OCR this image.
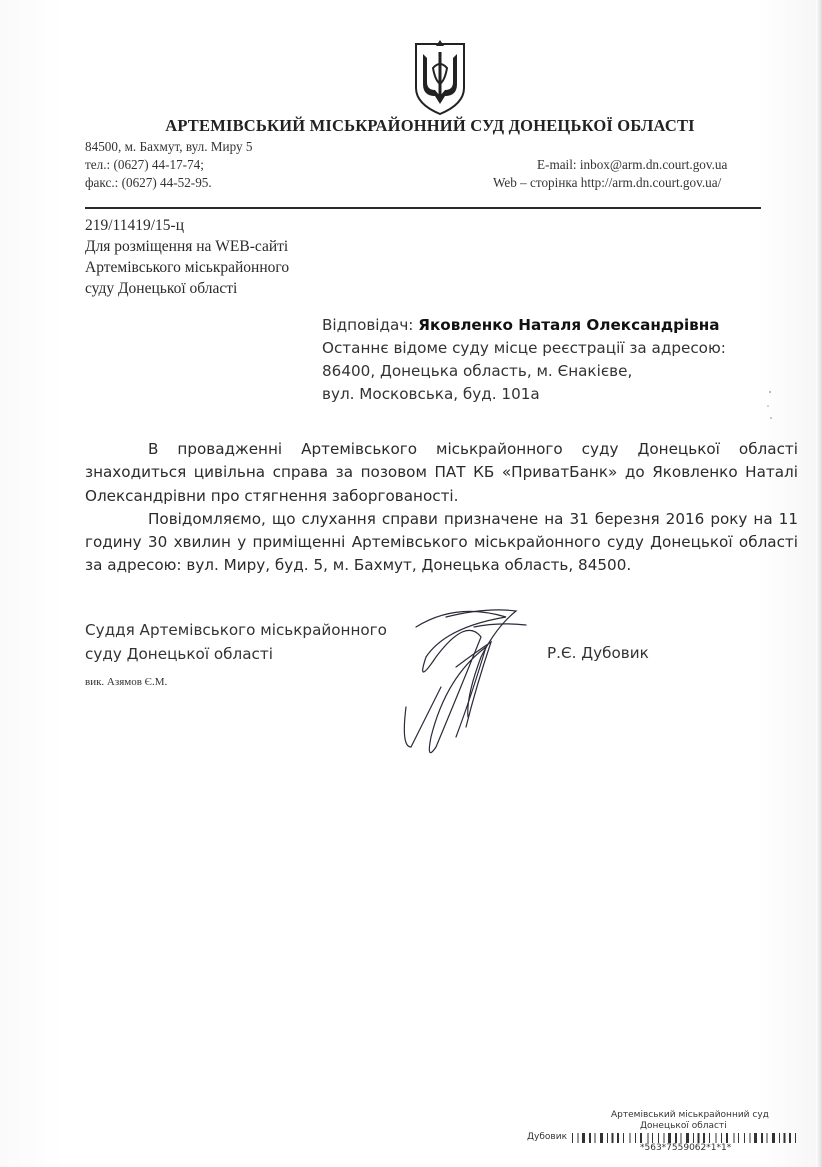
АРТЕМІВСЬКИЙ МІСЬКРАЙОННИЙ СУД ДОНЕЦЬКОЇ ОБЛАСТІ
84500, м. Бахмут, вул. Миру 5
тел.: (0627) 44-17-74;
факс.: (0627) 44-52-95.
E-mail: inbox@arm.dn.court.gov.ua
Web – сторінка http://arm.dn.court.gov.ua/
219/11419/15-ц
Для розміщення на WEB-сайті
Артемівського міськрайонного
суду Донецької області
Відповідач: Яковленко Наталя Олександрівна
Останнє відоме суду місце реєстрації за адресою:
86400, Донецька область, м. Єнакієве,
вул. Московська, буд. 101а

В провадженні Артемівського міськрайонного суду Донецької області знаходиться цивільна справа за позовом ПАТ КБ «ПриватБанк» до Яковленко Наталі Олександрівни про стягнення заборгованості.

Повідомляємо, що слухання справи призначене на 31 березня 2016 року на 11 годину 30 хвилин у приміщенні Артемівського міськрайонного суду Донецької області за адресою: вул. Миру, буд. 5, м. Бахмут, Донецька область, 84500.

Суддя Артемівського міськрайонного
суду Донецької області	Р.Є. Дубовик
вик. Азямов Є.М.
Артемівський міськрайонний суд
Донецької області
Дубовик
*563*7559062*1*1*
